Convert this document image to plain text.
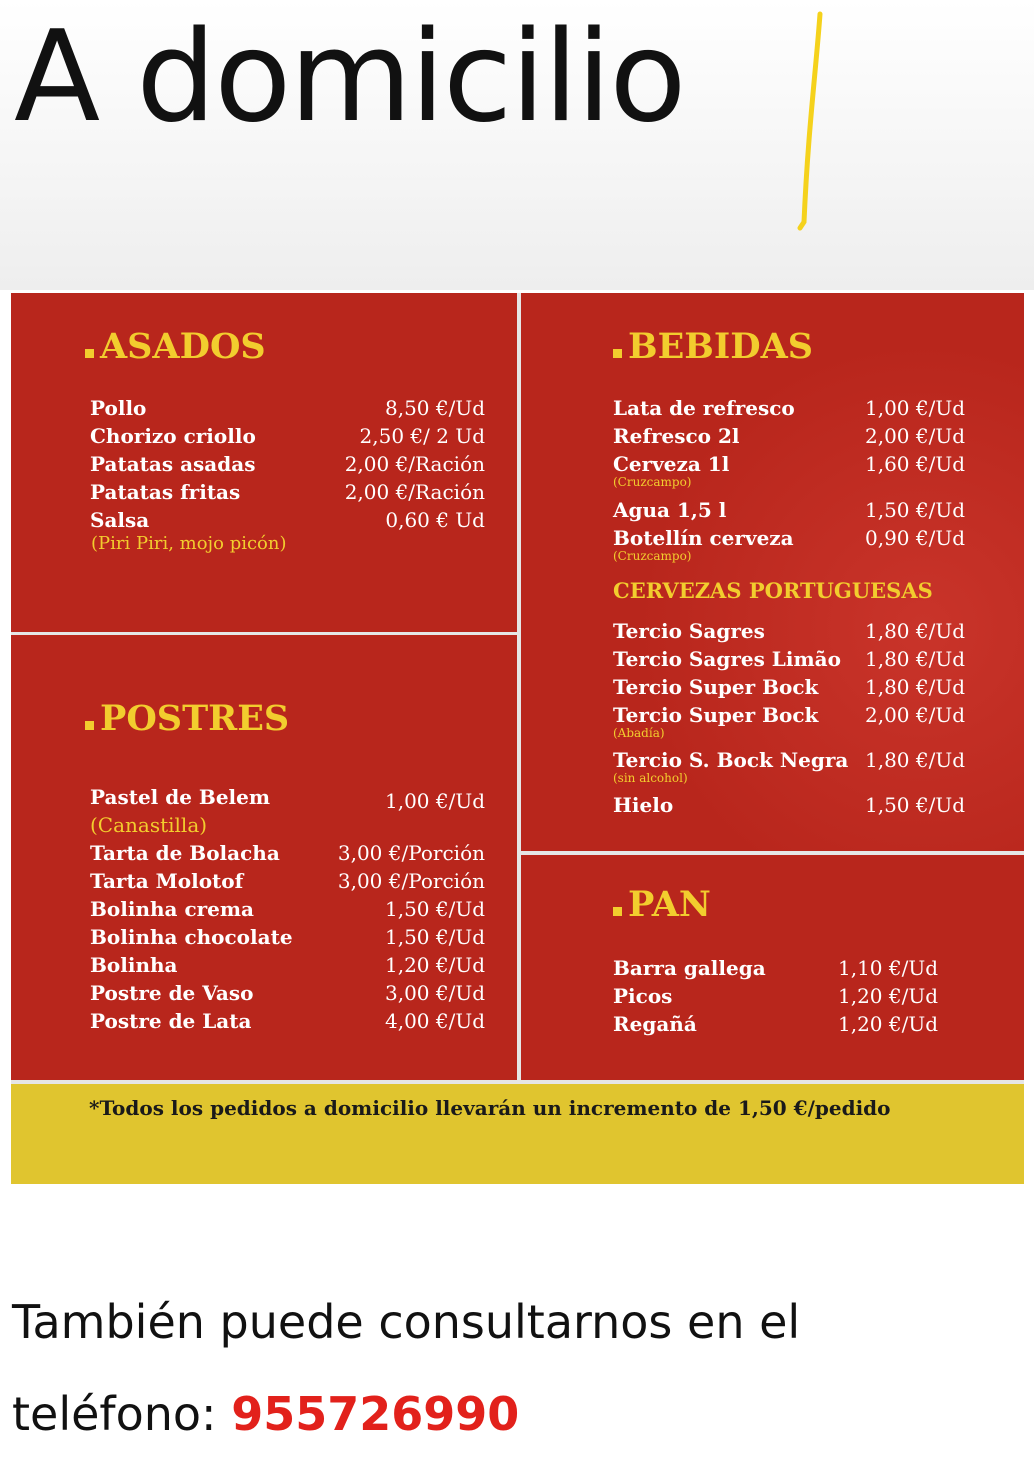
A domicilio
ASADOS
Pollo	8,50 €/Ud
Chorizo criollo	2,50 €/ 2 Ud
Patatas asadas	2,00 €/Ración
Patatas fritas	2,00 €/Ración
Salsa	0,60 € Ud
(Piri Piri, mojo picón)
POSTRES
Pastel de Belem	1,00 €/Ud
(Canastilla)
Tarta de Bolacha	3,00 €/Porción
Tarta Molotof	3,00 €/Porción
Bolinha crema	1,50 €/Ud
Bolinha chocolate	1,50 €/Ud
Bolinha	1,20 €/Ud
Postre de Vaso	3,00 €/Ud
Postre de Lata	4,00 €/Ud
BEBIDAS
Lata de refresco	1,00 €/Ud
Refresco 2l	2,00 €/Ud
Cerveza 1l	1,60 €/Ud
(Cruzcampo)
Agua 1,5 l	1,50 €/Ud
Botellín cerveza	0,90 €/Ud
(Cruzcampo)
CERVEZAS PORTUGUESAS
Tercio Sagres	1,80 €/Ud
Tercio Sagres Limão 1,80 €/Ud
Tercio Super Bock 1,80 €/Ud
Tercio Super Bock 2,00 €/Ud
(Abadía)
Tercio S. Bock Negra 1,80 €/Ud
(sin alcohol)
Hielo	1,50 €/Ud
PAN
Barra gallega	1,10 €/Ud
Picos	1,20 €/Ud
Regañá	1,20 €/Ud
*Todos los pedidos a domicilio llevarán un incremento de 1,50 €/pedido

También puede consultarnos en el teléfono: 955726990
